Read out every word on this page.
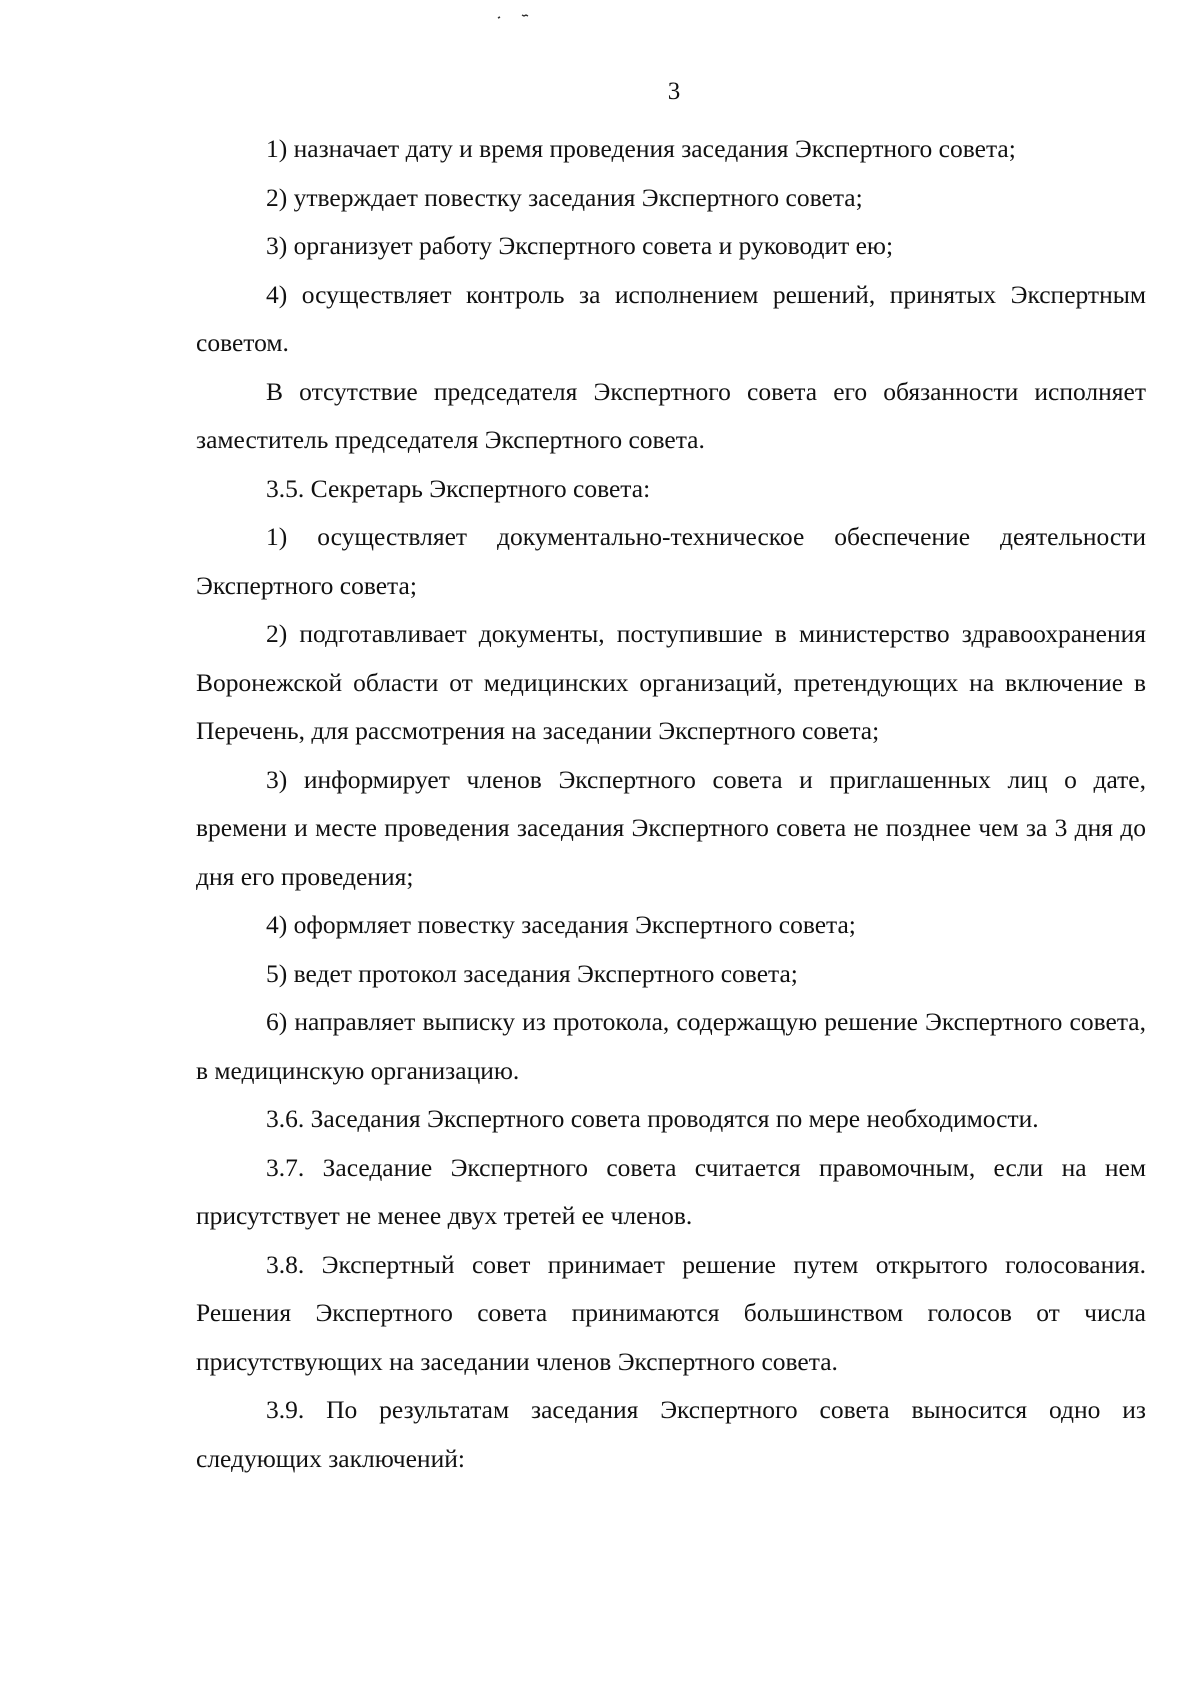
3

1) назначает дату и время проведения заседания Экспертного совета;

2) утверждает повестку заседания Экспертного совета;

3) организует работу Экспертного совета и руководит ею;

4) осуществляет контроль за исполнением решений, принятых Экспертным советом.

В отсутствие председателя Экспертного совета его обязанности исполняет заместитель председателя Экспертного совета.

3.5. Секретарь Экспертного совета:

1) осуществляет документально-техническое обеспечение деятельности Экспертного совета;

2) подготавливает документы, поступившие в министерство здравоохранения Воронежской области от медицинских организаций, претендующих на включение в Перечень, для рассмотрения на заседании Экспертного совета;

3) информирует членов Экспертного совета и приглашенных лиц о дате, времени и месте проведения заседания Экспертного совета не позднее чем за 3 дня до дня его проведения;

4) оформляет повестку заседания Экспертного совета;

5) ведет протокол заседания Экспертного совета;

6) направляет выписку из протокола, содержащую решение Экспертного совета, в медицинскую организацию.

3.6. Заседания Экспертного совета проводятся по мере необходимости.

3.7. Заседание Экспертного совета считается правомочным, если на нем присутствует не менее двух третей ее членов.

3.8. Экспертный совет принимает решение путем открытого голосования. Решения Экспертного совета принимаются большинством голосов от числа присутствующих на заседании членов Экспертного совета.

3.9. По результатам заседания Экспертного совета выносится одно из следующих заключений:
